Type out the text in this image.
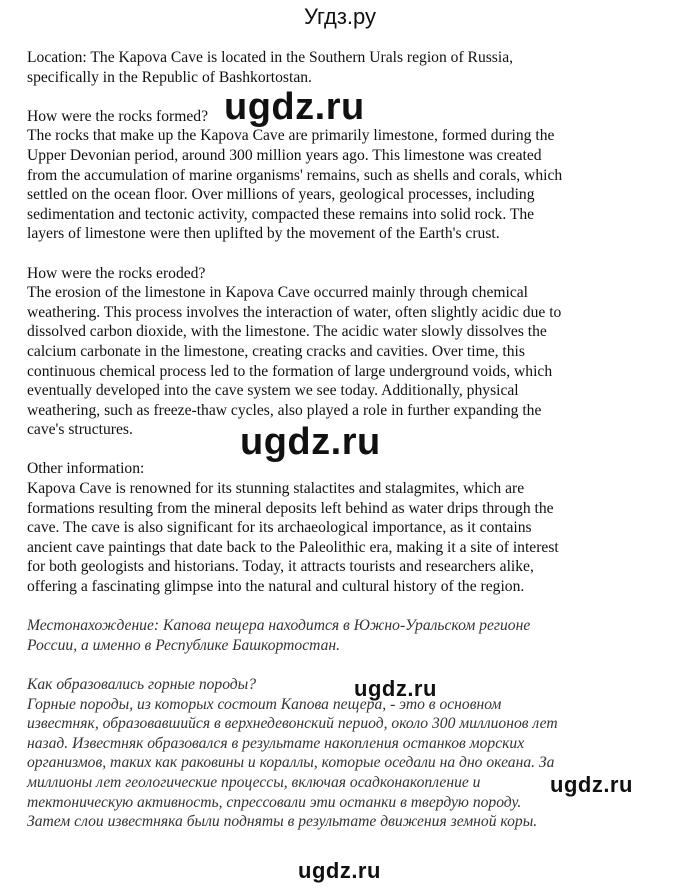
Угдз.ру
Location: The Kapova Cave is located in the Southern Urals region of Russia,
specifically in the Republic of Bashkortostan.
How were the rocks formed?
The rocks that make up the Kapova Cave are primarily limestone, formed during the
Upper Devonian period, around 300 million years ago. This limestone was created
from the accumulation of marine organisms' remains, such as shells and corals, which
settled on the ocean floor. Over millions of years, geological processes, including
sedimentation and tectonic activity, compacted these remains into solid rock. The
layers of limestone were then uplifted by the movement of the Earth's crust.
How were the rocks eroded?
The erosion of the limestone in Kapova Cave occurred mainly through chemical
weathering. This process involves the interaction of water, often slightly acidic due to
dissolved carbon dioxide, with the limestone. The acidic water slowly dissolves the
calcium carbonate in the limestone, creating cracks and cavities. Over time, this
continuous chemical process led to the formation of large underground voids, which
eventually developed into the cave system we see today. Additionally, physical
weathering, such as freeze-thaw cycles, also played a role in further expanding the
cave's structures.
Other information:
Kapova Cave is renowned for its stunning stalactites and stalagmites, which are
formations resulting from the mineral deposits left behind as water drips through the
cave. The cave is also significant for its archaeological importance, as it contains
ancient cave paintings that date back to the Paleolithic era, making it a site of interest
for both geologists and historians. Today, it attracts tourists and researchers alike,
offering a fascinating glimpse into the natural and cultural history of the region.
Местонахождение: Капова пещера находится в Южно-Уральском регионе
России, а именно в Республике Башкортостан.
Как образовались горные породы?
Горные породы, из которых состоит Капова пещера, - это в основном
известняк, образовавшийся в верхнедевонский период, около 300 миллионов лет
назад. Известняк образовался в результате накопления останков морских
организмов, таких как раковины и кораллы, которые оседали на дно океана. За
миллионы лет геологические процессы, включая осадконакопление и
тектоническую активность, спрессовали эти останки в твердую породу.
Затем слои известняка были подняты в результате движения земной коры.
ugdz.ru
ugdz.ru
ugdz.ru
ugdz.ru
ugdz.ru
